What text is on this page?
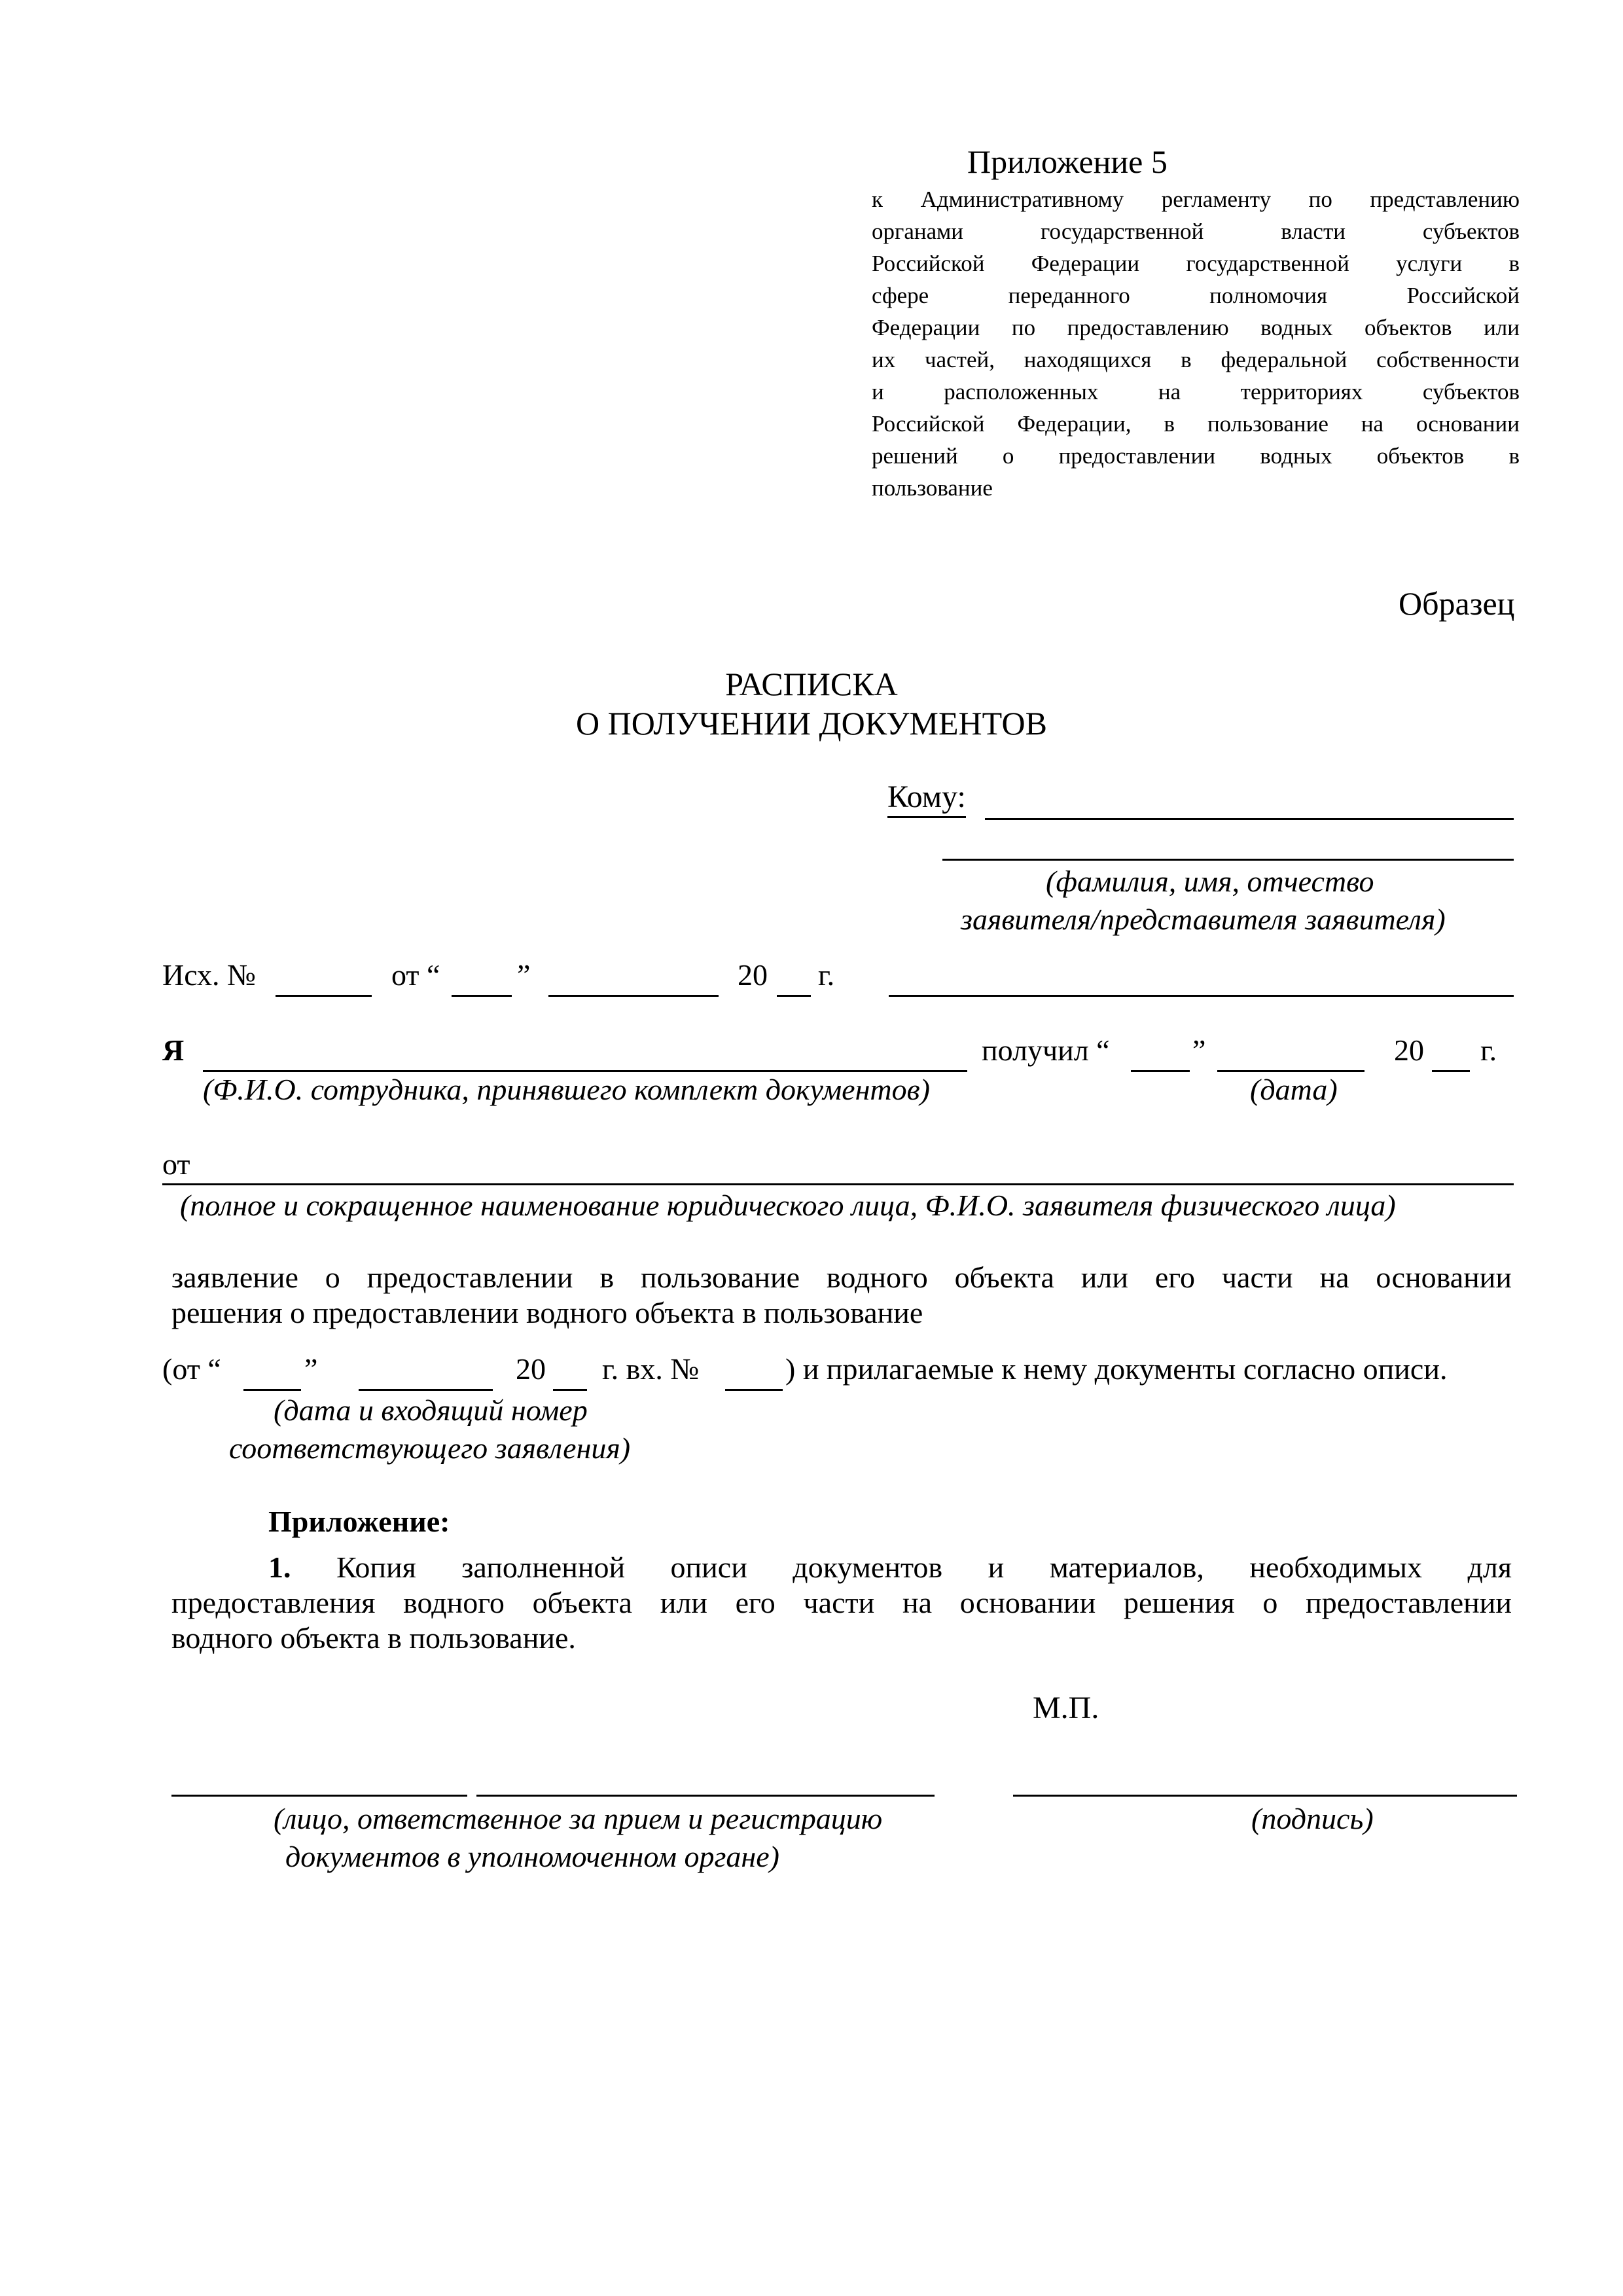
Приложение 5
к Административному регламенту по представлению
органами государственной власти субъектов
Российской Федерации государственной услуги в
сфере переданного полномочия Российской
Федерации по предоставлению водных объектов или
их частей, находящихся в федеральной собственности
и расположенных на территориях субъектов
Российской Федерации, в пользование на основании
решений о предоставлении водных объектов в
пользование
Образец
РАСПИСКА
О ПОЛУЧЕНИИ ДОКУМЕНТОВ
Кому:
(фамилия, имя, отчество
заявителя/представителя заявителя)
Исх. №	от “	”	20 г.
Я	получил “	”	20 г.
(Ф.И.О. сотрудника, принявшего комплект документов)	(дата)
от
(полное и сокращенное наименование юридического лица, Ф.И.О. заявителя физического лица)
заявление о предоставлении в пользование водного объекта или его части на основании
решения о предоставлении водного объекта в пользование
(от “	”	20 г. вх. №	) и прилагаемые к нему документы согласно описи.
(дата и входящий номер
соответствующего заявления)
Приложение:
1. Копия заполненной описи документов и материалов, необходимых для
предоставления водного объекта или его части на основании решения о предоставлении
водного объекта в пользование.
М.П.
(лицо, ответственное за прием и регистрацию
документов в уполномоченном органе)
(подпись)
